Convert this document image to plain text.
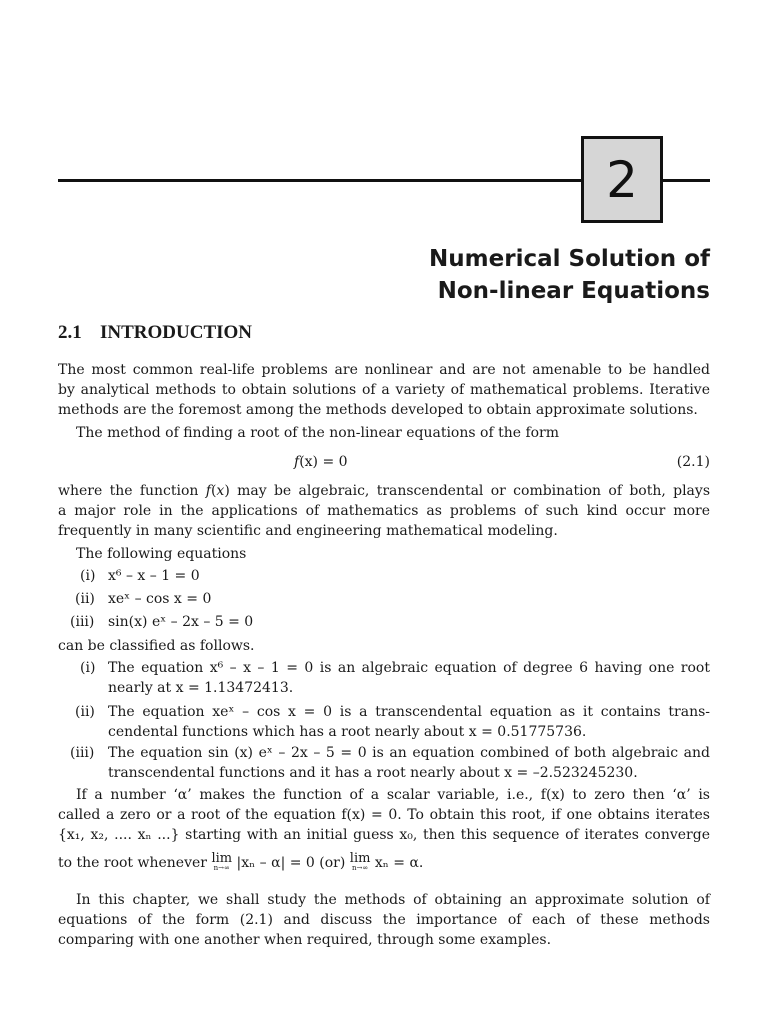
2
Numerical Solution of
Non-linear Equations
2.1 INTRODUCTION
The most common real-life problems are nonlinear and are not amenable to be handled
by analytical methods to obtain solutions of a variety of mathematical problems. Iterative
methods are the foremost among the methods developed to obtain approximate solutions.
The method of finding a root of the non-linear equations of the form
f(x) = 0	(2.1)
where the function f(x) may be algebraic, transcendental or combination of both, plays
a major role in the applications of mathematics as problems of such kind occur more
frequently in many scientific and engineering mathematical modeling.
The following equations
(i) x⁶ – x – 1 = 0
(ii) xeˣ – cos x = 0
(iii) sin(x) eˣ – 2x – 5 = 0
can be classified as follows.
(i) The equation x⁶ – x – 1 = 0 is an algebraic equation of degree 6 having one root
nearly at x = 1.13472413.
(ii) The equation xeˣ – cos x = 0 is a transcendental equation as it contains trans-
cendental functions which has a root nearly about x = 0.51775736.
(iii) The equation sin (x) eˣ – 2x – 5 = 0 is an equation combined of both algebraic and
transcendental functions and it has a root nearly about x = –2.523245230.
If a number ‘α’ makes the function of a scalar variable, i.e., f(x) to zero then ‘α’ is
called a zero or a root of the equation f(x) = 0. To obtain this root, if one obtains iterates
{x₁, x₂, .... xₙ ...} starting with an initial guess x₀, then this sequence of iterates converge
to the root whenever lim
n→∞ |xₙ – α| = 0 (or) lim
n→∞ xₙ = α.
In this chapter, we shall study the methods of obtaining an approximate solution of
equations of the form (2.1) and discuss the importance of each of these methods
comparing with one another when required, through some examples.
